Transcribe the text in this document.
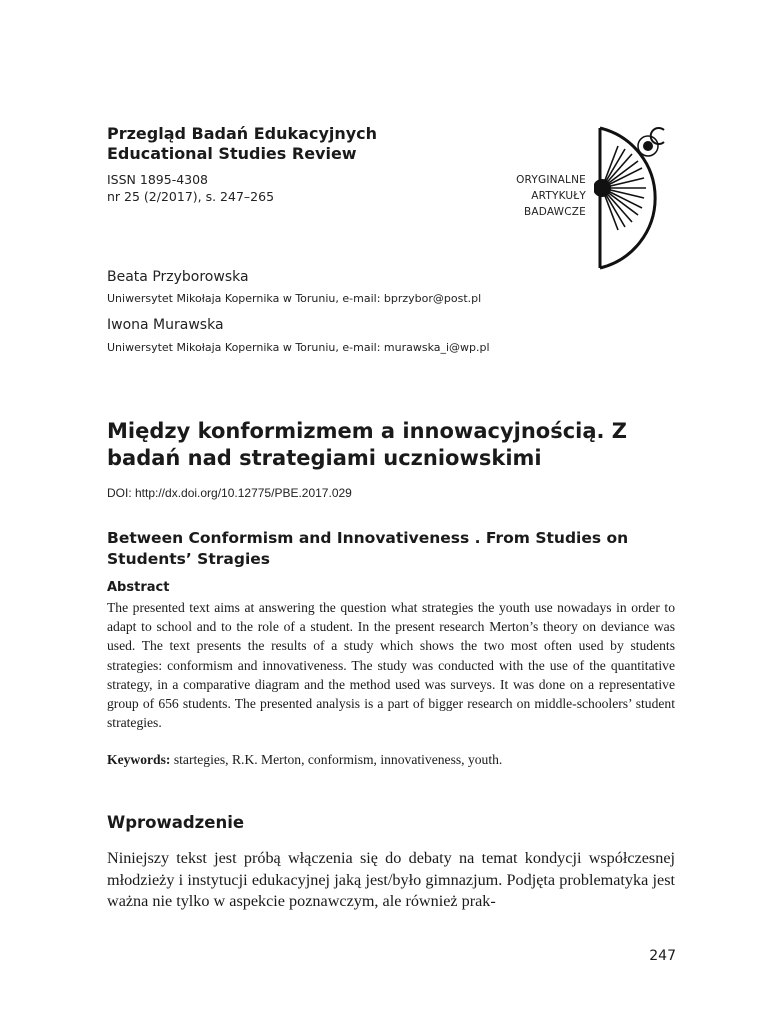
Przegląd Badań Edukacyjnych
Educational Studies Review
ISSN 1895-4308
nr 25 (2/2017), s. 247–265
ORYGINALNE
ARTYKUŁY
BADAWCZE
Beata Przyborowska
Uniwersytet Mikołaja Kopernika w Toruniu, e-mail: bprzybor@post.pl
Iwona Murawska
Uniwersytet Mikołaja Kopernika w Toruniu, e-mail: murawska_i@wp.pl
Między konformizmem a innowacyjnością. Z badań nad strategiami uczniowskimi
DOI: http://dx.doi.org/10.12775/PBE.2017.029
Between Conformism and Innovativeness . From Studies on Students’ Stragies
Abstract
The presented text aims at answering the question what strategies the youth use nowadays in order to adapt to school and to the role of a student. In the present research Merton’s theory on deviance was used. The text presents the results of a study which shows the two most often used by students strategies: conformism and innovativeness. The study was conducted with the use of the quantitative strategy, in a comparative diagram and the method used was surveys. It was done on a representative group of 656 students. The presented analysis is a part of bigger research on middle-schoolers’ student strategies.
Keywords: startegies, R.K. Merton, conformism, innovativeness, youth.
Wprowadzenie
Niniejszy tekst jest próbą włączenia się do debaty na temat kondycji współczesnej młodzieży i instytucji edukacyjnej jaką jest/było gimnazjum. Podjęta problematyka jest ważna nie tylko w aspekcie poznawczym, ale również prak-
247
